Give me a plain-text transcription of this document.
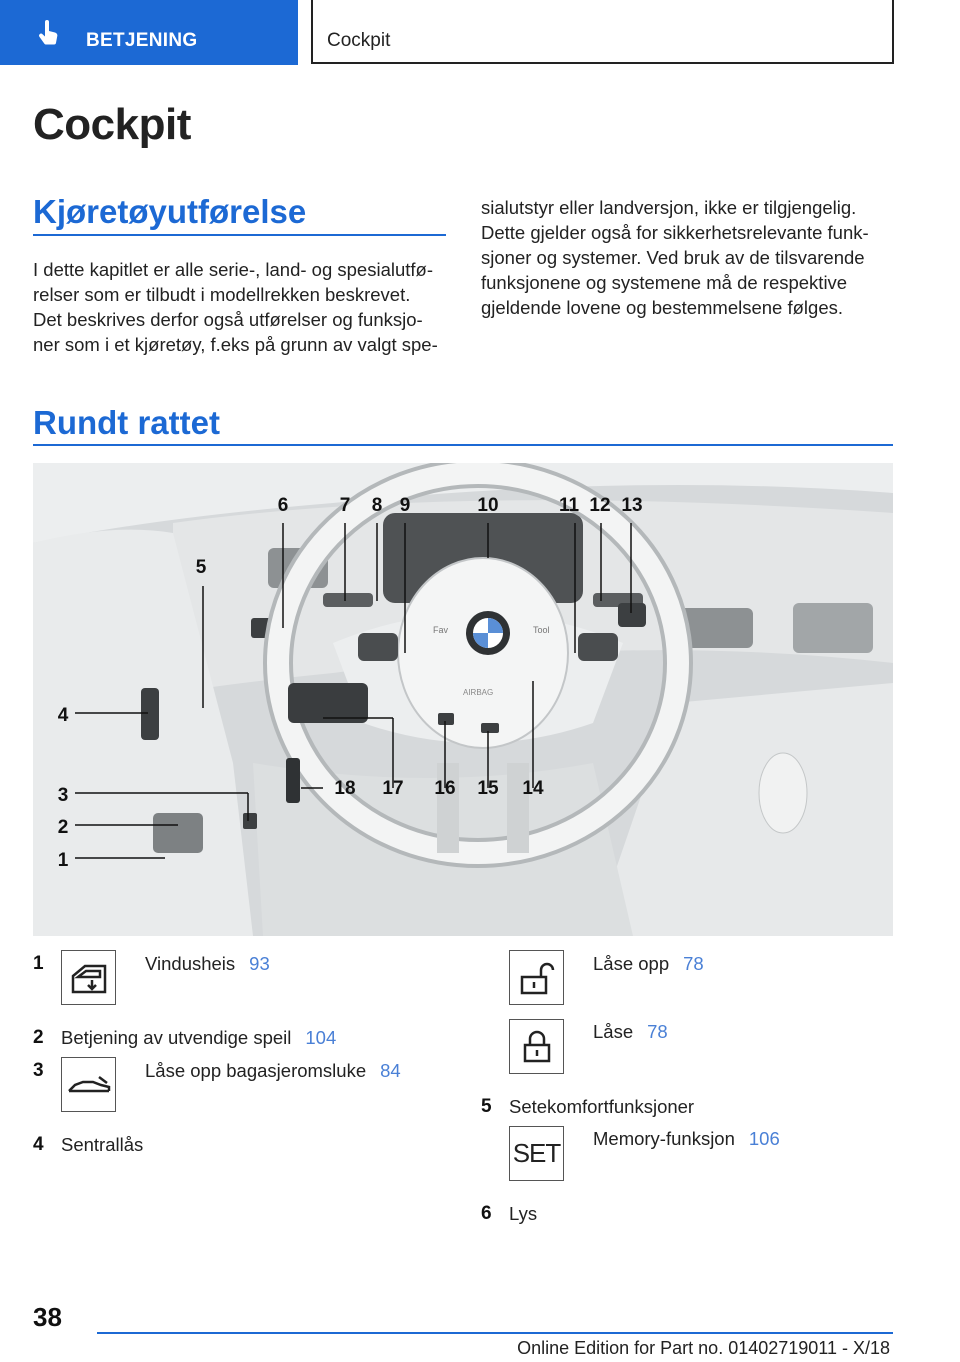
BETJENING	Cockpit
Cockpit
Kjøretøyutførelse

I dette kapitlet er alle serie-, land- og spesialutfø-

relser som er tilbudt i modellrekken beskrevet.

Det beskrives derfor også utførelser og funksjo-

ner som i et kjøretøy, f.eks på grunn av valgt spe-

sialutstyr eller landversjon, ikke er tilgjengelig.

Dette gjelder også for sikkerhetsrelevante funk-

sjoner og systemer. Ved bruk av de tilsvarende

funksjonene og systemene må de respektive

gjeldende lovene og bestemmelsene følges.

Rundt rattet
Fav	Tool
AIRBAG
6	7 8 9	10	11 12 13
5
4
3
2
1
18 17 16 15 14
1	Vindusheis 93
2 Betjening av utvendige speil 104
3	Låse opp bagasjeromsluke 84
4 Sentrallås
Låse opp 78
Låse 78
5 Setekomfortfunksjoner
SET Memory-funksjon 106
6 Lys
38
Online Edition for Part no. 01402719011 - X/18
